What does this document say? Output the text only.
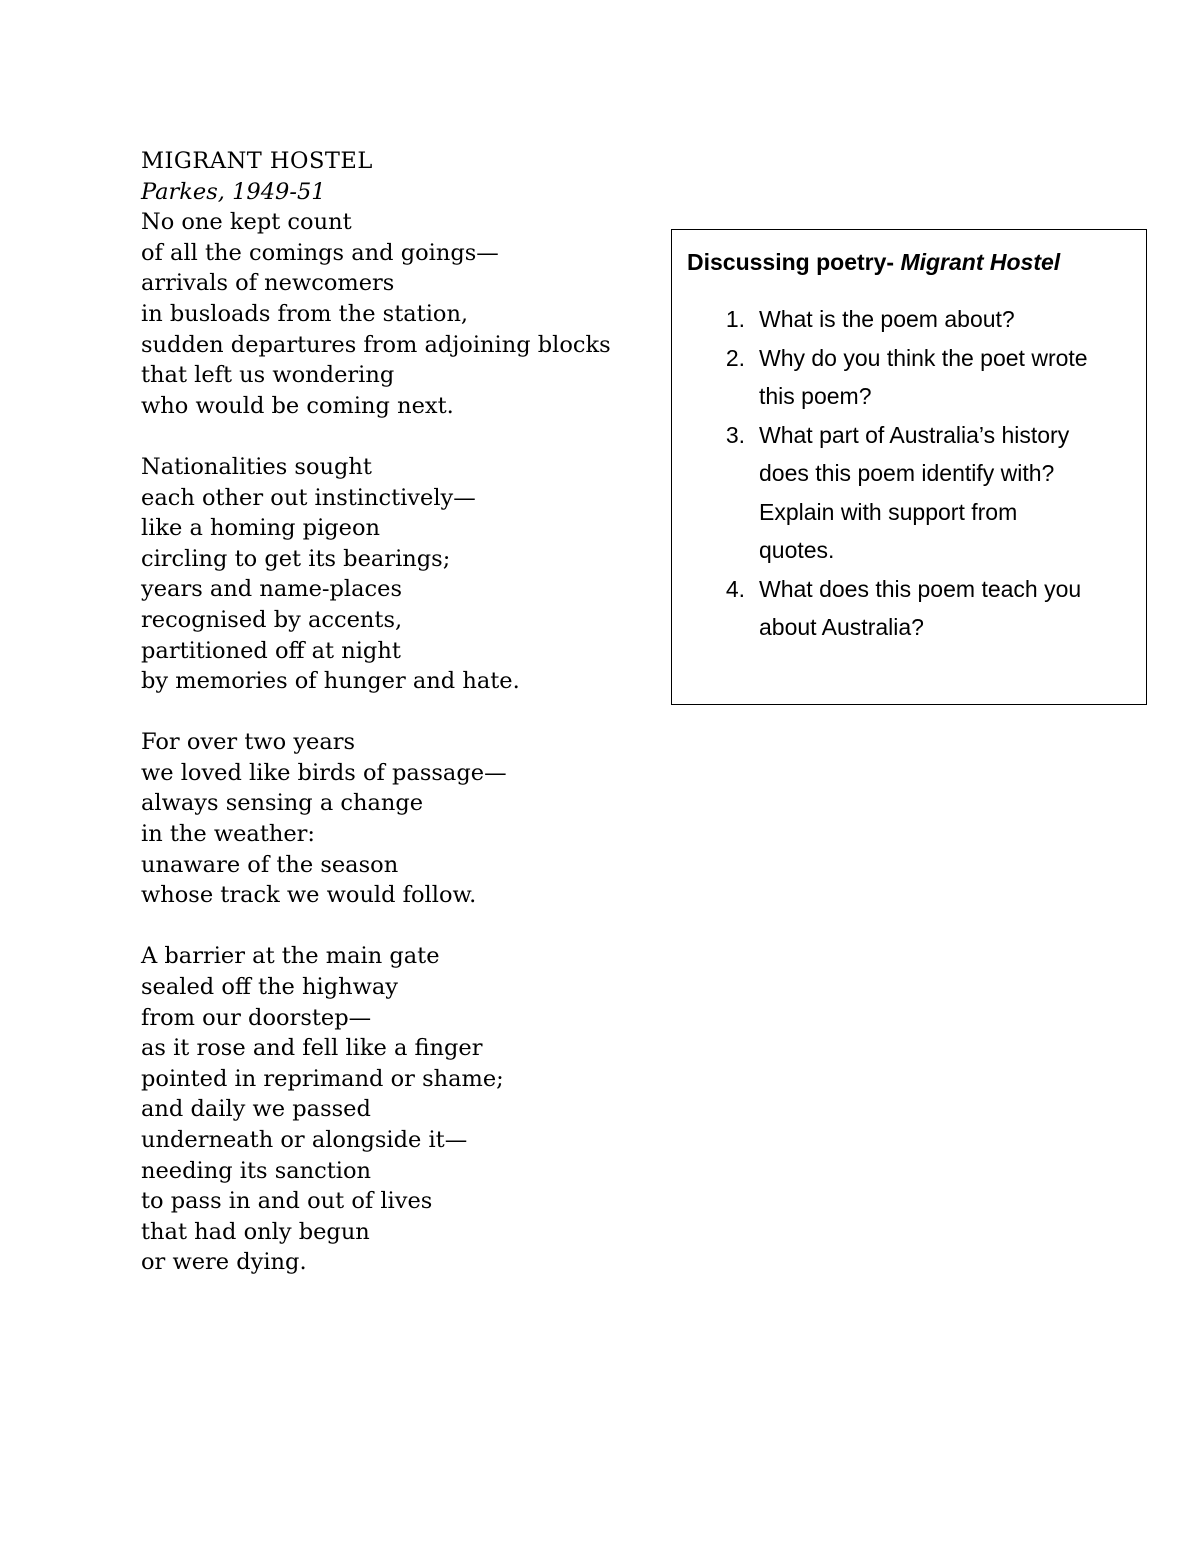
MIGRANT HOSTEL
Parkes, 1949-51
No one kept count
of all the comings and goings—
arrivals of newcomers
in busloads from the station,
sudden departures from adjoining blocks
that left us wondering
who would be coming next.
Nationalities sought
each other out instinctively—
like a homing pigeon
circling to get its bearings;
years and name-places
recognised by accents,
partitioned off at night
by memories of hunger and hate.
For over two years
we loved like birds of passage—
always sensing a change
in the weather:
unaware of the season
whose track we would follow.
A barrier at the main gate
sealed off the highway
from our doorstep—
as it rose and fell like a finger
pointed in reprimand or shame;
and daily we passed
underneath or alongside it—
needing its sanction
to pass in and out of lives
that had only begun
or were dying.
Discussing poetry- Migrant Hostel
1. What is the poem about?
2. Why do you think the poet wrote
this poem?
3. What part of Australia’s history
does this poem identify with?
Explain with support from
quotes.
4. What does this poem teach you
about Australia?
